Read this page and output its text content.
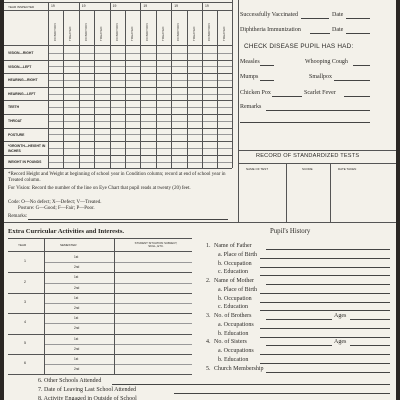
YEAR INSPECTED	19	19	19	19	19	19
CONDITION	TREATED	CONDITION	TREATED	CONDITION	TREATED	CONDITION	TREATED	CONDITION	TREATED	CONDITION	TREATED
VISION—RIGHT
VISION—LEFT
HEARING—RIGHT
HEARING—LEFT
TEETH
THROAT
POSTURE
*GROWTH—HEIGHT IN INCHES
WEIGHT IN POUNDS
*Record Height and Weight at beginning of school year in Condition column; record at end of school year in Treated column.
For Vision: Record the number of the line on Eye Chart that pupil reads at twenty (20) feet.
Code: O—No defect; X—Defect; V—Treated.
Posture: G—Good; F—Fair; P—Poor.
Remarks:
Successfully Vaccinated	Date
Diphtheria Immunization	Date
CHECK DISEASE PUPIL HAS HAD:
Measles	Whooping Cough
Mumps	Smallpox
Chicken Pox	Scarlet Fever
Remarks
RECORD OF STANDARDIZED TESTS
NAME OF TEST	SCORE	DATE TAKEN
Extra Curricular Activities and Interests.
YEAR	SEMESTER	STUDENT SITUATION SUBJECT, SKILL, ETC.
1
1st
2nd
2
1st
2nd
3
1st
2nd
4
1st
2nd
5
1st
2nd
6
1st
2nd
Pupil's History
1. Name of Father
a. Place of Birth
b. Occupation
c. Education
2. Name of Mother
a. Place of Birth
b. Occupation
c. Education
3. No. of Brothers	Ages
a. Occupations
b. Education
4. No. of Sisters	Ages
a. Occupations
b. Education
5. Church Membership
6. Other Schools Attended
7. Date of Leaving Last School Attended
8. Activity Engaged in Outside of School
